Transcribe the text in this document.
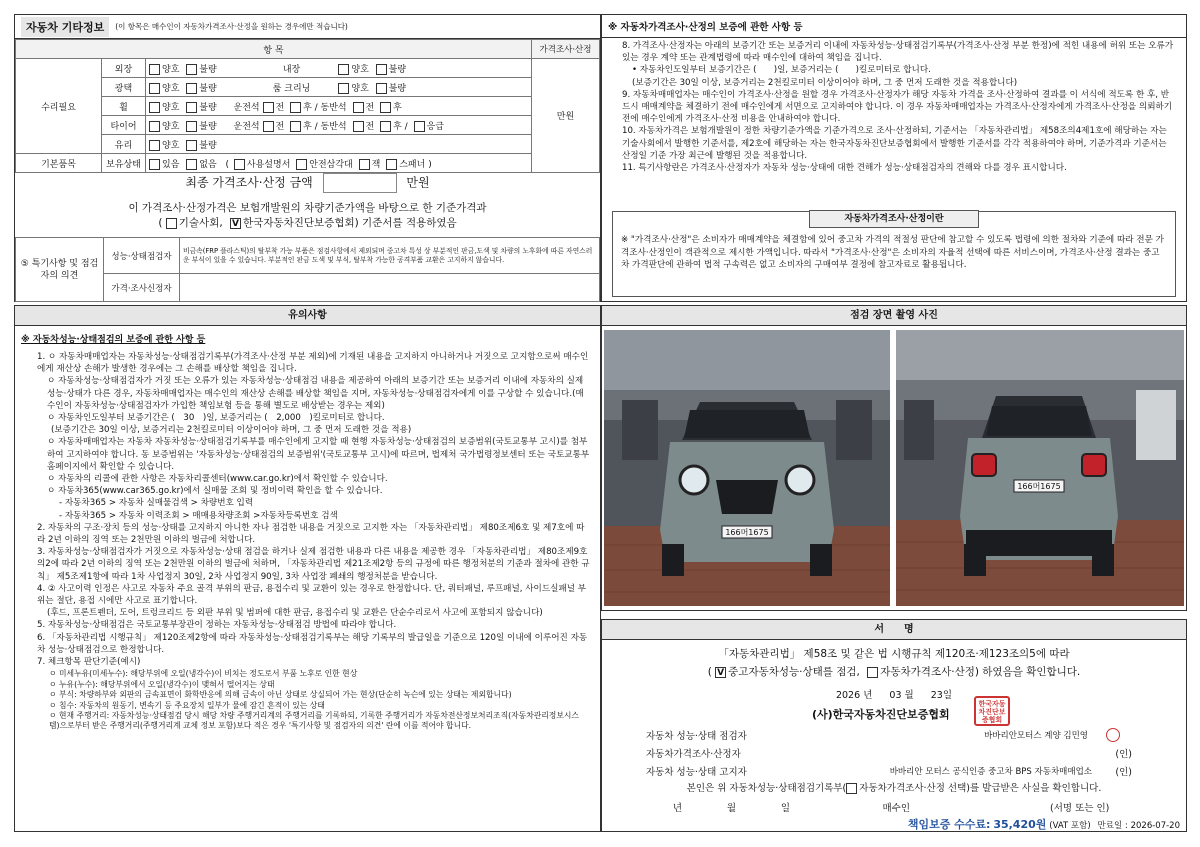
자동차 기타정보	(이 항목은 매수인이 자동차가격조사·산정을 원하는 경우에만 적습니다)
항 목			가격조사·산정
수리필요	외장	양호 불량 내장 양호 불량	만원
	광택	양호 불량 룸 크리닝 양호 불량	
	휠	양호 불량 운전석 전 후 / 동반석 전 후	
	타이어	양호 불량 운전석 전 후 / 동반석 전 후 / 응급	
	유리	양호 불량	
기본품목	보유상태	있음 없음 ( 사용설명서 안전삼각대 잭 스패너 )	
최종 가격조사·산정 금액	만원
이 가격조사·산정가격은 보험개발원의 차량기준가액을 바탕으로 한 기준가격과
( 기술사회, V 한국자동차진단보증협회) 기준서를 적용하였음
⑤ 특기사항 및 점검자의 의견	성능·상태점검자	비금속(FRP 플라스틱)의 탈부착 가능 부품은 점검사항에서 제외되며 중고차 특성 상 부분적인 판금,도색 및 차량의 노후화에 따른 자연스러운 부식이 있을 수 있습니다. 부분적인 판금 도색 및 부식, 탈부착 가능한 공격부품 교환은 고지하지 않습니다.
	가격·조사신정자	
※ 자동차가격조사·산정의 보증에 관한 사항 등
8. 가격조사·산정자는 아래의 보증기간 또는 보증거리 이내에 자동차성능·상태점검기록부(가격조사·산정 부분 한정)에 적힌 내용에 허위 또는 오류가 있는 경우 계약 또는 관계법령에 따라 매수인에 대하여 책임을 집니다.
• 자동차인도일부터 보증기간은 (　　)일, 보증거리는 (　　)킬로미터로 합니다.
(보증기간은 30일 이상, 보증거리는 2천킬로미터 이상이어야 하며, 그 중 먼저 도래한 것을 적용합니다)
9. 자동차매매업자는 매수인이 가격조사·산정을 원할 경우 가격조사·산정자가 해당 자동차 가격을 조사·산정하여 결과를 이 서식에 적도록 한 후, 반드시 매매계약을 체결하기 전에 매수인에게 서면으로 고지하여야 합니다. 이 경우 자동차매매업자는 가격조사·산정자에게 가격조사·산정을 의뢰하기 전에 매수인에게 가격조사·산정 비용을 안내하여야 합니다.
10. 자동차가격은 보험개발원이 정한 차량기준가액을 기준가격으로 조사·산정하되, 기준서는 「자동차관리법」 제58조의4제1호에 해당하는 자는 기술사회에서 발행한 기준서를, 제2호에 해당하는 자는 한국자동차진단보증협회에서 발행한 기준서를 각각 적용하여야 하며, 기준가격과 기준서는 산정일 기준 가장 최근에 발행된 것을 적용합니다.
11. 특기사항란은 가격조사·산정자가 자동차 성능·상태에 대한 견해가 성능·상태점검자의 견해와 다를 경우 표시합니다.
자동차가격조사·산정이란
※ "가격조사·산정"은 소비자가 매매계약을 체결함에 있어 중고차 가격의 적절성 판단에 참고할 수 있도록 법령에 의한 절차와 기준에 따라 전문 가격조사·산정인이 객관적으로 제시한 가액입니다. 따라서 "가격조사·산정"은 소비자의 자율적 선택에 따른 서비스이며, 가격조사·산정 결과는 중고차 가격판단에 관하여 법적 구속력은 없고 소비자의 구매여부 결정에 참고자료로 활용됩니다.
유의사항
※ 자동차성능·상태점검의 보증에 관한 사항 등
1. ㅇ 자동차매매업자는 자동차성능·상태점검기록부(가격조사·산정 부분 제외)에 기재된 내용을 고지하지 아니하거나 거짓으로 고지함으로써 매수인에게 재산상 손해가 발생한 경우에는 그 손해를 배상할 책임을 집니다.
ㅇ 자동차성능·상태점검자가 거짓 또는 오류가 있는 자동차성능·상태점검 내용을 제공하여 아래의 보증기간 또는 보증거리 이내에 자동차의 실제 성능·상태가 다른 경우, 자동차매매업자는 매수인의 재산상 손해를 배상할 책임을 지며, 자동차성능·상태점검자에게 이를 구상할 수 있습니다.(매수인이 자동차성능·상태점검자가 가입한 책임보험 등을 통해 별도로 배상받는 경우는 제외)
ㅇ 자동차인도일부터 보증기간은 (　30　)일, 보증거리는 (　2,000　)킬로미터로 합니다.
(보증기간은 30일 이상, 보증거리는 2천킬로미터 이상이어야 하며, 그 중 먼저 도래한 것을 적용)
ㅇ 자동차매매업자는 자동차 자동차성능·상태점검기록부를 매수인에게 고지할 때 현행 자동차성능·상태점검의 보증범위(국토교통부 고시)를 첨부하여 고지하여야 합니다. 동 보증범위는 '자동차성능·상태점검의 보증범위'(국토교통부 고시)에 따르며, 법제처 국가법령정보센터 또는 국토교통부 홈페이지에서 확인할 수 있습니다.
ㅇ 자동차의 리콜에 관한 사항은 자동차리콜센터(www.car.go.kr)에서 확인할 수 있습니다.
ㅇ 자동차365(www.car365.go.kr)에서 실매물 조회 및 정비이력 확인을 할 수 있습니다.
- 자동차365 > 자동차 실매물검색 > 차량번호 입력
- 자동차365 > 자동차 이력조회 > 매매용차량조회 >자동차등록번호 검색
2. 자동차의 구조·장치 등의 성능·상태를 고지하지 아니한 자나 점검한 내용을 거짓으로 고지한 자는 「자동차관리법」 제80조제6호 및 제7호에 따라 2년 이하의 징역 또는 2천만원 이하의 벌금에 처합니다.
3. 자동차성능·상태점검자가 거짓으로 자동차성능·상태 점검을 하거나 실제 점검한 내용과 다른 내용을 제공한 경우 「자동차관리법」 제80조제9호의2에 따라 2년 이하의 징역 또는 2천만원 이하의 벌금에 처하며, 「자동차관리법 제21조제2항 등의 규정에 따른 행정처분의 기준과 절차에 관한 규칙」 제5조제1항에 따라 1차 사업정지 30일, 2차 사업정지 90일, 3차 사업장 폐쇄의 행정처분을 받습니다.
4. ② 사고이력 인정은 사고로 자동차 주요 골격 부위의 판금, 용접수리 및 교환이 있는 경우로 한정합니다. 단, 쿼터패널, 루프패널, 사이드실패널 부위는 절단, 용접 시에만 사고로 표기합니다.
(후드, 프론트펜더, 도어, 트렁크리드 등 외판 부위 및 범퍼에 대한 판금, 용접수리 및 교환은 단순수리로서 사고에 포함되지 않습니다)
5. 자동차성능·상태점검은 국토교통부장관이 정하는 자동차성능·상태점검 방법에 따라야 합니다.
6. 「자동차관리법 시행규칙」 제120조제2항에 따라 자동차성능·상태점검기록부는 해당 기록부의 발급일을 기준으로 120일 이내에 이루어진 자동차 성능·상태점검으로 한정합니다.
7. 체크항목 판단기준(예시)
ㅇ 미세누유(미세누수): 해당부위에 오일(냉각수)이 비치는 정도로서 부품 노후로 인한 현상
ㅇ 누유(누수): 해당부위에서 오일(냉각수)이 맺혀서 떨어지는 상태
ㅇ 부식: 차량하부와 외판의 금속표면이 화학반응에 의해 금속이 아닌 상태로 상실되어 가는 현상(단순히 녹슨에 있는 상태는 제외합니다)
ㅇ 침수: 자동차의 원동기, 변속기 등 주요장치 일부가 물에 잠긴 흔적이 있는 상태
ㅇ 현재 주행거리: 자동차성능·상태점검 당시 해당 차량 주행거리계의 주행거리를 기록하되, 기록한 주행거리가 자동차전산정보처리조직(자동차관리정보시스템)으로부터 받은 주행거리(주행거리계 교체 정보 포함)보다 적은 경우 '특기사항 및 점검자의 의견' 란에 이를 적어야 합니다.
점검 장면 촬영 사진
166머1675
166머1675
서　　명
「자동차관리법」 제58조 및 같은 법 시행규칙 제120조·제123조의5에 따라
( V중고자동차성능·상태를 점검, 자동차가격조사·산정) 하였음을 확인합니다.
2026 년 03 월 23일
(사)한국자동차진단보증협회
한국자동차진단보증협회
자동차 성능·상태 점검자	바바리안모터스 계양 김민영
자동차가격조사·산정자	(인)
자동차 성능·상태 고지자	바바리안 모터스 공식인증 중고차 BPS 자동차매매업소	(인)
본인은 위 자동차성능·상태점검기록부( 자동차가격조사·산정 선택)를 발급받은 사실을 확인합니다.
년	월	일	매수인	(서명 또는 인)
책임보증 수수료: 35,420원 (VAT 포함) 만료일 : 2026-07-20
